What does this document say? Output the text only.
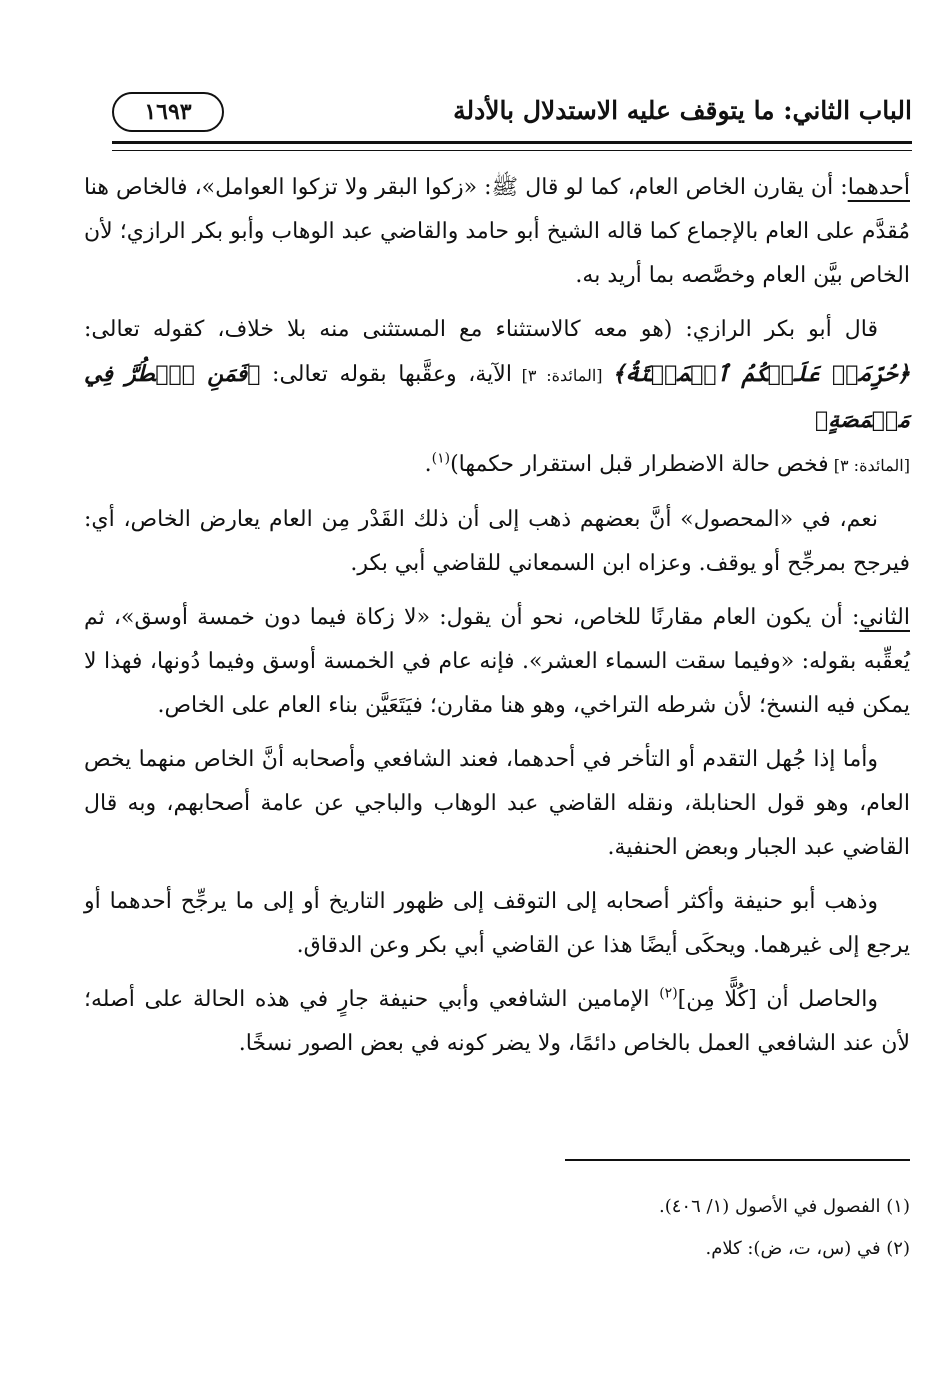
الباب الثاني: ما يتوقف عليه الاستدلال بالأدلة
١٦٩٣

أحدهما: أن يقارن الخاص العام، كما لو قال ﷺ: «زكوا البقر ولا تزكوا العوامل»، فالخاص هنا مُقدَّم على العام بالإجماع كما قاله الشيخ أبو حامد والقاضي عبد الوهاب وأبو بكر الرازي؛ لأن الخاص بيَّن العام وخصَّصه بما أريد به.

قال أبو بكر الرازي: (هو معه كالاستثناء مع المستثنى منه بلا خلاف، كقوله تعالى: ﴿حُرِّمَتۡ عَلَيۡكُمُ ٱلۡمَيۡتَةُ﴾ [المائدة: ٣] الآية، وعقَّبها بقوله تعالى: ﴿فَمَنِ ٱضۡطُرَّ فِي مَخۡمَصَةٍ﴾
[المائدة: ٣] فخص حالة الاضطرار قبل استقرار حكمها)$^{(١)}$.

نعم، في «المحصول» أنَّ بعضهم ذهب إلى أن ذلك القَدْر مِن العام يعارض الخاص، أي: فيرجح بمرجِّح أو يوقف. وعزاه ابن السمعاني للقاضي أبي بكر.

الثاني: أن يكون العام مقارنًا للخاص، نحو أن يقول: «لا زكاة فيما دون خمسة أوسق»، ثم يُعقِّبه بقوله: «وفيما سقت السماء العشر». فإنه عام في الخمسة أوسق وفيما دُونها، فهذا لا يمكن فيه النسخ؛ لأن شرطه التراخي، وهو هنا مقارن؛ فيَتَعَيَّن بناء العام على الخاص.

وأما إذا جُهل التقدم أو التأخر في أحدهما، فعند الشافعي وأصحابه أنَّ الخاص منهما يخص العام، وهو قول الحنابلة، ونقله القاضي عبد الوهاب والباجي عن عامة أصحابهم، وبه قال القاضي عبد الجبار وبعض الحنفية.

وذهب أبو حنيفة وأكثر أصحابه إلى التوقف إلى ظهور التاريخ أو إلى ما يرجِّح أحدهما أو يرجع إلى غيرهما. ويحكَى أيضًا هذا عن القاضي أبي بكر وعن الدقاق.

والحاصل أن [كُلًّا مِن]$^{(٢)}$ الإمامين الشافعي وأبي حنيفة جارٍ في هذه الحالة على أصله؛ لأن عند الشافعي العمل بالخاص دائمًا، ولا يضر كونه في بعض الصور نسخًا.

(١) الفصول في الأصول (١/ ٤٠٦).

(٢) في (س، ت، ض): كلام.
